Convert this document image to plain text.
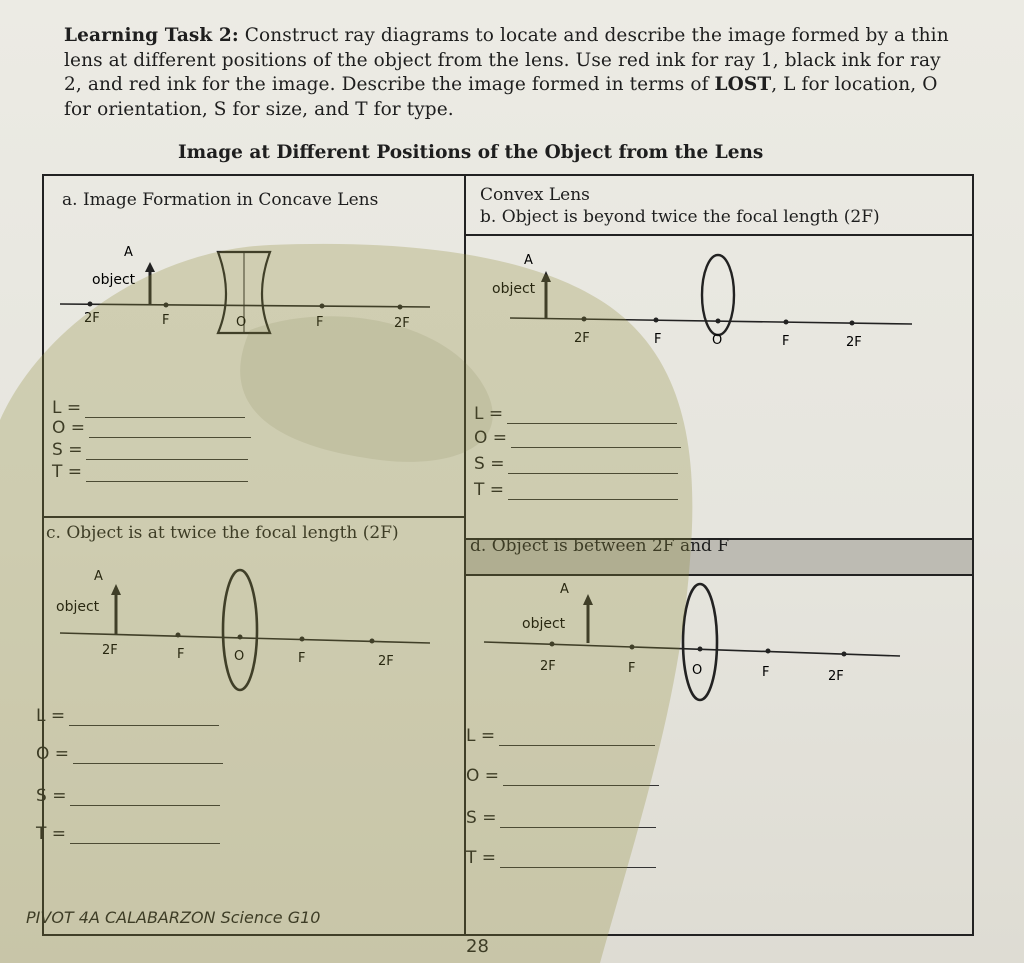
Learning Task 2: Construct ray diagrams to locate and describe the image formed by a thin lens at different positions of the object from the lens. Use red ink for ray 1, black ink for ray 2, and red ink for the image. Describe the image formed in terms of LOST, L for location, O for orientation, S for size, and T for type.
Image at Different Positions of the Object from the Lens
a. Image Formation in Concave Lens	Convex Lens
b. Object is beyond twice the focal length (2F)
c. Object is at twice the focal length (2F)
d. Object is between 2F and F
A
object
2F	F	O	F	2F
A
object
2F	F	O	F	2F
A
object
2F	F	O	F	2F
A
object
2F	F	O	F	2F
L =
O =
S =
T =
L =
O =
S =
T =
L =
O =
S =
T =
L =
O =
S =
T =
PIVOT 4A CALABARZON Science G10
28
